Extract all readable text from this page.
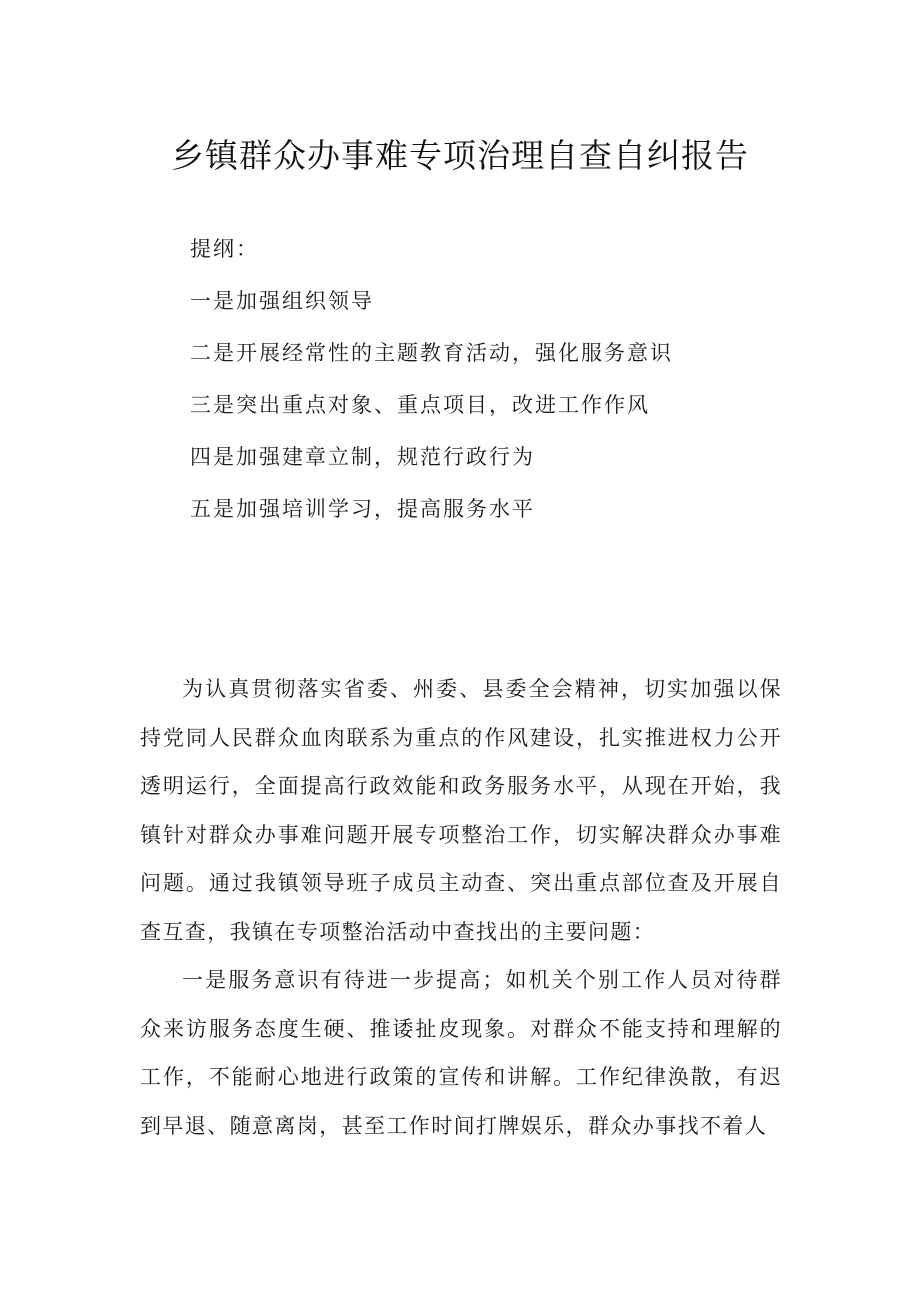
乡镇群众办事难专项治理自查自纠报告

提纲：

一是加强组织领导

二是开展经常性的主题教育活动，强化服务意识

三是突出重点对象、重点项目，改进工作作风

四是加强建章立制，规范行政行为

五是加强培训学习，提高服务水平

为认真贯彻落实省委、州委、县委全会精神，切实加强以保持党同人民群众血肉联系为重点的作风建设，扎实推进权力公开透明运行，全面提高行政效能和政务服务水平，从现在开始，我镇针对群众办事难问题开展专项整治工作，切实解决群众办事难问题。通过我镇领导班子成员主动查、突出重点部位查及开展自查互查，我镇在专项整治活动中查找出的主要问题：

一是服务意识有待进一步提高；如机关个别工作人员对待群众来访服务态度生硬、推诿扯皮现象。对群众不能支持和理解的工作，不能耐心地进行政策的宣传和讲解。工作纪律涣散，有迟到早退、随意离岗，甚至工作时间打牌娱乐，群众办事找不着人
